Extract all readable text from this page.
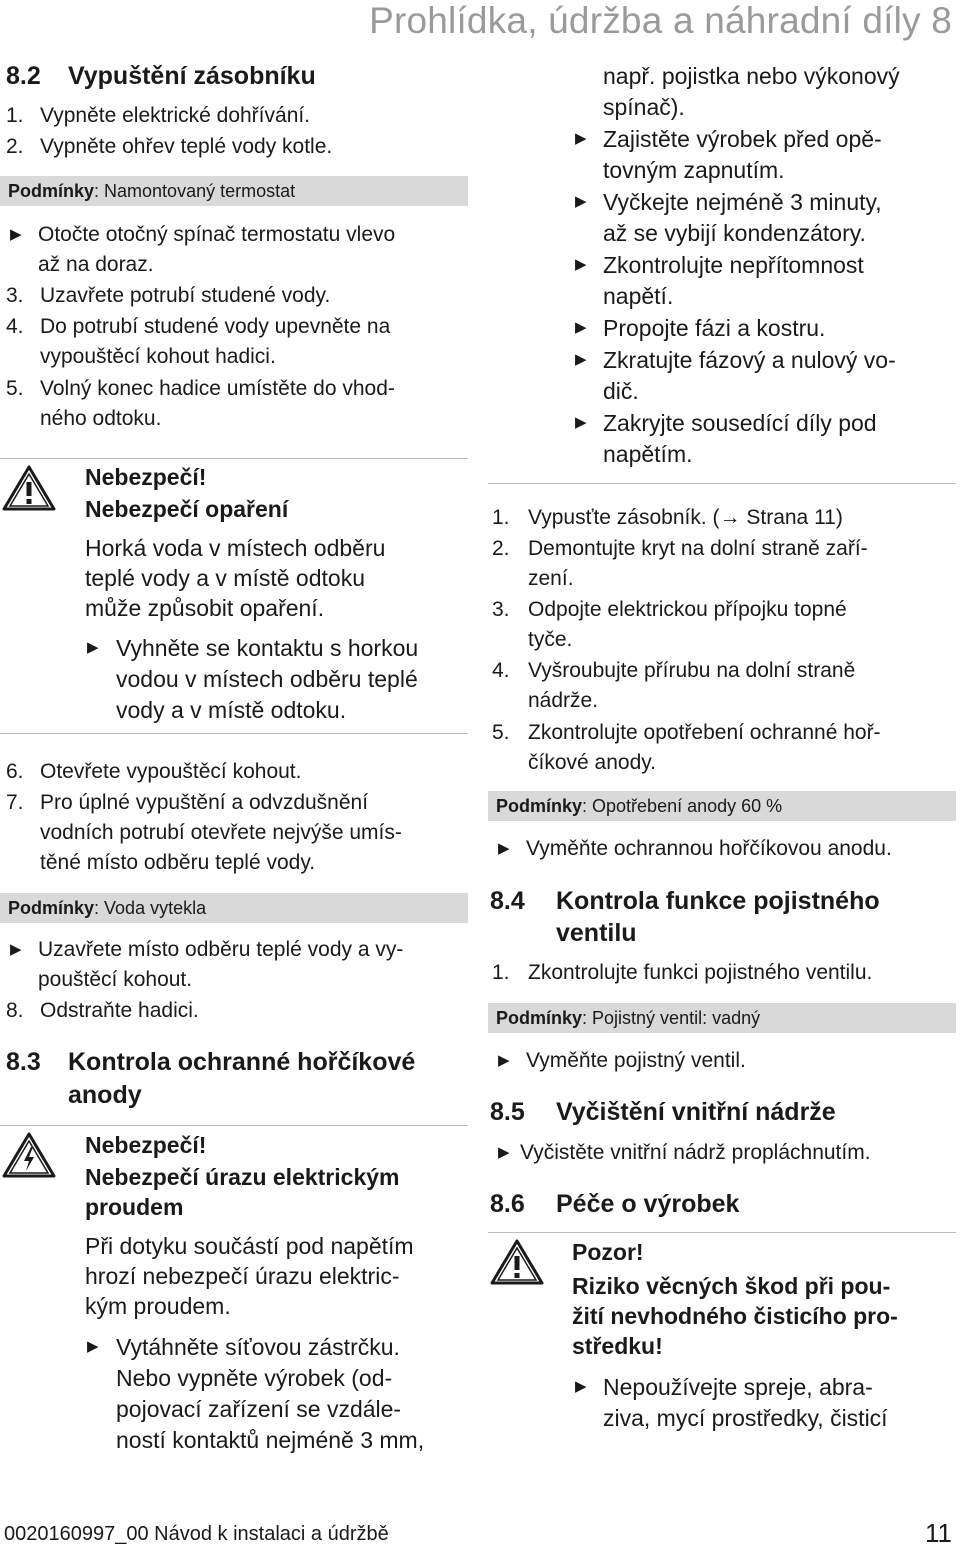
Prohlídka, údržba a náhradní díly 8
8.2 Vypuštění zásobníku
1. Vypněte elektrické dohřívání.
2. Vypněte ohřev teplé vody kotle.
Podmínky: Namontovaný termostat
▶ Otočte otočný spínač termostatu vlevo
až na doraz.
3. Uzavřete potrubí studené vody.
4. Do potrubí studené vody upevněte na
vypouštěcí kohout hadici.
5. Volný konec hadice umístěte do vhod-
ného odtoku.
Nebezpečí!
Nebezpečí opaření
Horká voda v místech odběru
teplé vody a v místě odtoku
může způsobit opaření.
▶ Vyhněte se kontaktu s horkou
vodou v místech odběru teplé
vody a v místě odtoku.
6. Otevřete vypouštěcí kohout.
7. Pro úplné vypuštění a odvzdušnění
vodních potrubí otevřete nejvýše umís-
těné místo odběru teplé vody.
Podmínky: Voda vytekla
▶ Uzavřete místo odběru teplé vody a vy-
pouštěcí kohout.
8. Odstraňte hadici.
8.3 Kontrola ochranné hořčíkové
anody
Nebezpečí!
Nebezpečí úrazu elektrickým
proudem
Při dotyku součástí pod napětím
hrozí nebezpečí úrazu elektric-
kým proudem.
▶ Vytáhněte síťovou zástrčku.
Nebo vypněte výrobek (od-
pojovací zařízení se vzdále-
ností kontaktů nejméně 3 mm,
např. pojistka nebo výkonový
spínač).
▶ Zajistěte výrobek před opě-
tovným zapnutím.
▶ Vyčkejte nejméně 3 minuty,
až se vybijí kondenzátory.
▶ Zkontrolujte nepřítomnost
napětí.
▶ Propojte fázi a kostru.
▶ Zkratujte fázový a nulový vo-
dič.
▶ Zakryjte sousedící díly pod
napětím.
1. Vypusťte zásobník. (→ Strana 11)
2. Demontujte kryt na dolní straně zaří-
zení.
3. Odpojte elektrickou přípojku topné
tyče.
4. Vyšroubujte přírubu na dolní straně
nádrže.
5. Zkontrolujte opotřebení ochranné hoř-
číkové anody.
Podmínky: Opotřebení anody 60 %
▶ Vyměňte ochrannou hořčíkovou anodu.
8.4 Kontrola funkce pojistného
ventilu
1. Zkontrolujte funkci pojistného ventilu.
Podmínky: Pojistný ventil: vadný
▶ Vyměňte pojistný ventil.
8.5 Vyčištění vnitřní nádrže
▶ Vyčistěte vnitřní nádrž propláchnutím.
8.6 Péče o výrobek
Pozor!
Riziko věcných škod při pou-
žití nevhodného čisticího pro-
středku!
▶ Nepoužívejte spreje, abra-
ziva, mycí prostředky, čisticí
0020160997_00 Návod k instalaci a údržbě	11
